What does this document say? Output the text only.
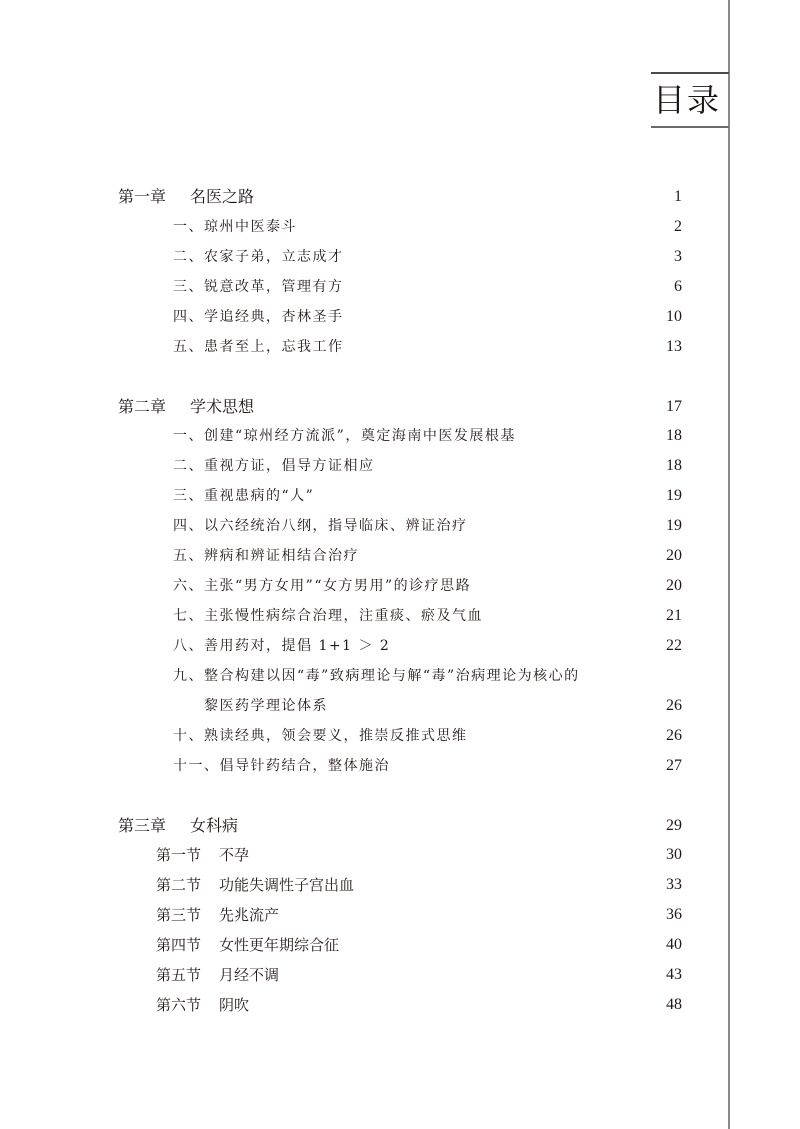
目录
第一章 名医之路	1
一、琼州中医泰斗	2
二、农家子弟，立志成才	3
三、锐意改革，管理有方	6
四、学追经典，杏林圣手	10
五、患者至上，忘我工作	13
第二章 学术思想	17
一、创建“琼州经方流派”，奠定海南中医发展根基	18
二、重视方证，倡导方证相应	18
三、重视患病的“人”	19
四、以六经统治八纲，指导临床、辨证治疗	19
五、辨病和辨证相结合治疗	20
六、主张“男方女用”“女方男用”的诊疗思路	20
七、主张慢性病综合治理，注重痰、瘀及气血	21
八、善用药对，提倡 1+1 ＞ 2	22
九、整合构建以因“毒”致病理论与解“毒”治病理论为核心的
黎医药学理论体系	26
十、熟读经典，领会要义，推崇反推式思维	26
十一、倡导针药结合，整体施治	27
第三章 女科病	29
第一节 不孕	30
第二节 功能失调性子宫出血	33
第三节 先兆流产	36
第四节 女性更年期综合征	40
第五节 月经不调	43
第六节 阴吹	48
